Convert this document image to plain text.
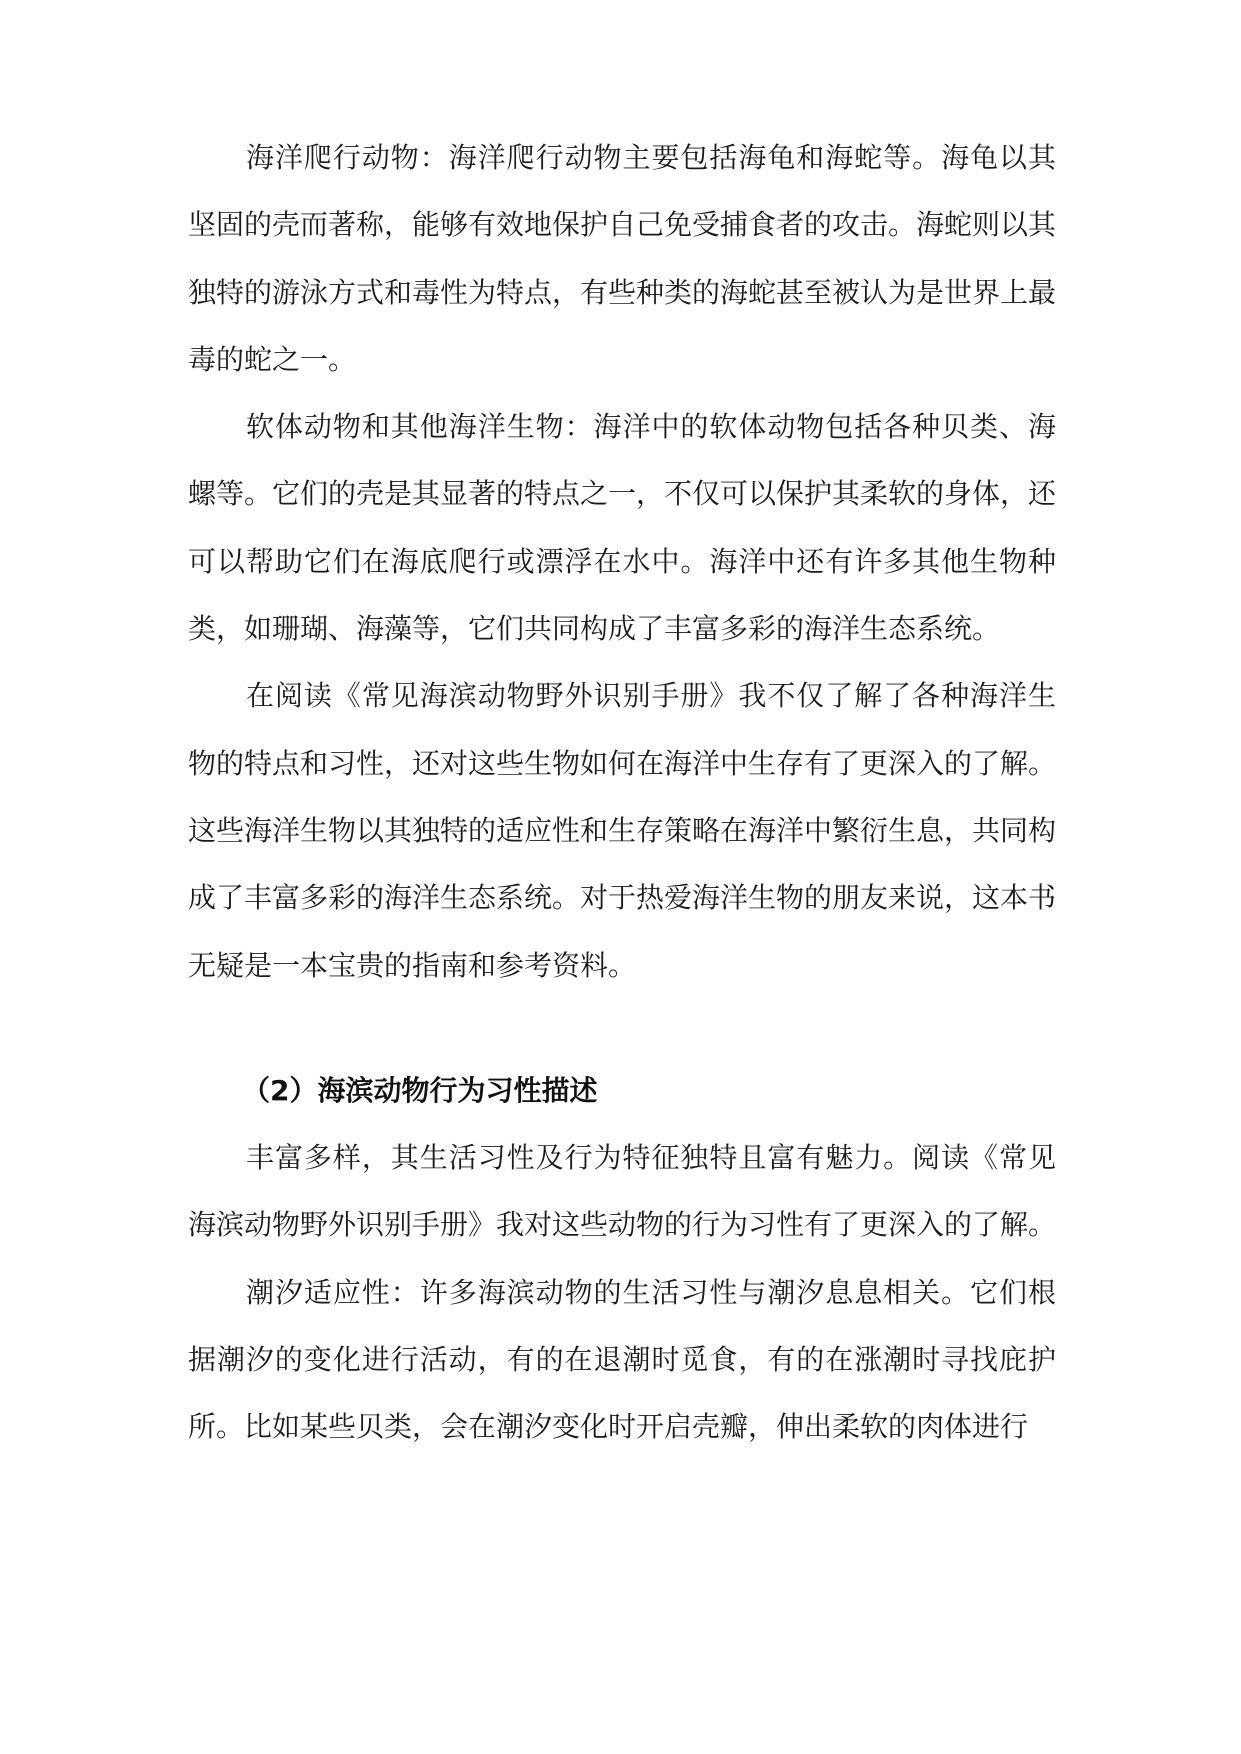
海洋爬行动物：海洋爬行动物主要包括海龟和海蛇等。海龟以其坚固的壳而著称，能够有效地保护自己免受捕食者的攻击。海蛇则以其独特的游泳方式和毒性为特点，有些种类的海蛇甚至被认为是世界上最毒的蛇之一。

软体动物和其他海洋生物：海洋中的软体动物包括各种贝类、海螺等。它们的壳是其显著的特点之一，不仅可以保护其柔软的身体，还可以帮助它们在海底爬行或漂浮在水中。海洋中还有许多其他生物种类，如珊瑚、海藻等，它们共同构成了丰富多彩的海洋生态系统。

在阅读《常见海滨动物野外识别手册》我不仅了解了各种海洋生物的特点和习性，还对这些生物如何在海洋中生存有了更深入的了解。这些海洋生物以其独特的适应性和生存策略在海洋中繁衍生息，共同构成了丰富多彩的海洋生态系统。对于热爱海洋生物的朋友来说，这本书无疑是一本宝贵的指南和参考资料。

（2）海滨动物行为习性描述

丰富多样，其生活习性及行为特征独特且富有魅力。阅读《常见海滨动物野外识别手册》我对这些动物的行为习性有了更深入的了解。

潮汐适应性：许多海滨动物的生活习性与潮汐息息相关。它们根据潮汐的变化进行活动，有的在退潮时觅食，有的在涨潮时寻找庇护所。比如某些贝类，会在潮汐变化时开启壳瓣，伸出柔软的肉体进行
